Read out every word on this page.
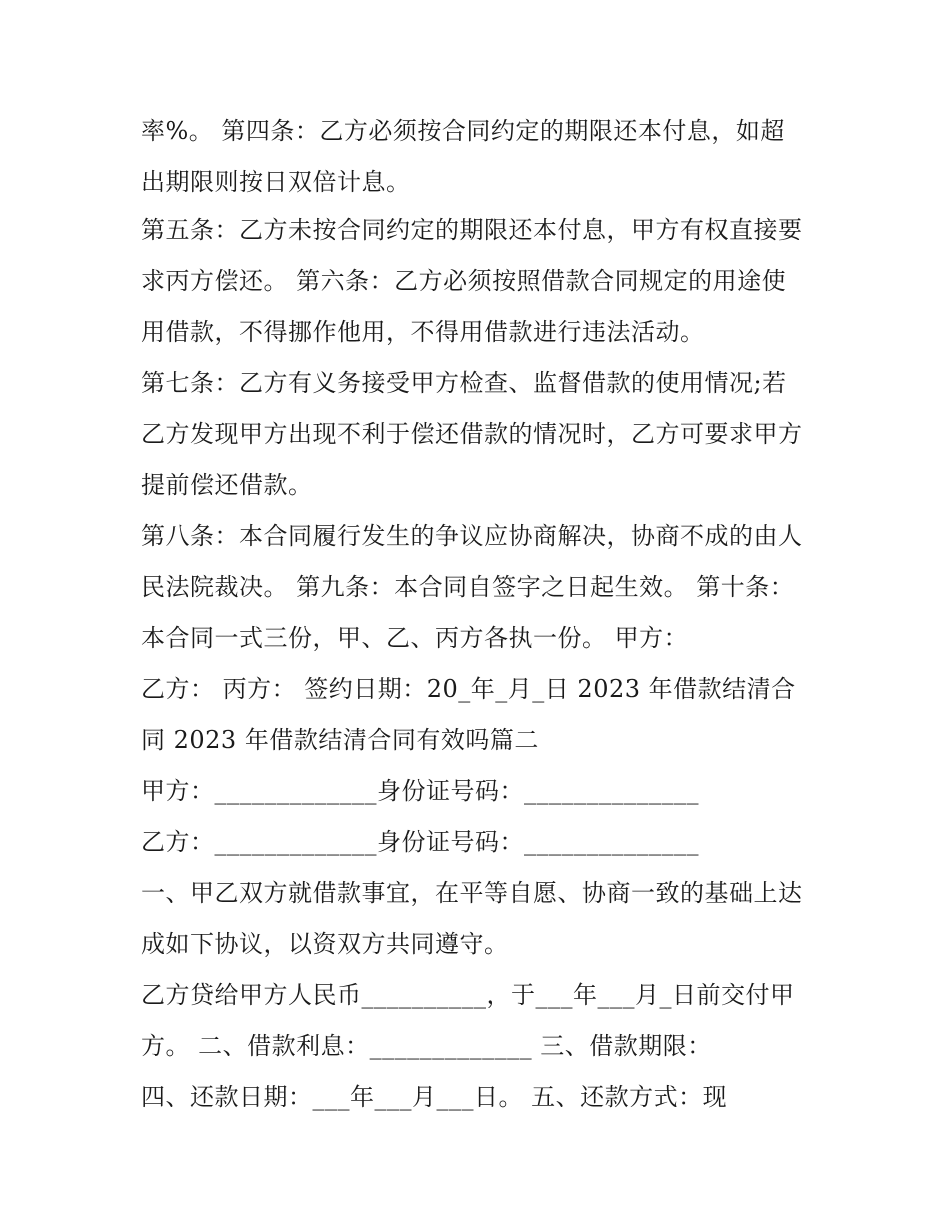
率%。 第四条：乙方必须按合同约定的期限还本付息，如超
出期限则按日双倍计息。
第五条：乙方未按合同约定的期限还本付息，甲方有权直接要
求丙方偿还。 第六条：乙方必须按照借款合同规定的用途使
用借款，不得挪作他用，不得用借款进行违法活动。
第七条：乙方有义务接受甲方检查、监督借款的使用情况;若
乙方发现甲方出现不利于偿还借款的情况时，乙方可要求甲方
提前偿还借款。
第八条：本合同履行发生的争议应协商解决，协商不成的由人
民法院裁决。 第九条：本合同自签字之日起生效。 第十条：
本合同一式三份，甲、乙、丙方各执一份。 甲方：
乙方： 丙方： 签约日期：20_年_月_日 2023 年借款结清合
同 2023 年借款结清合同有效吗篇二
甲方：_____________身份证号码：______________
乙方：_____________身份证号码：______________
一、甲乙双方就借款事宜，在平等自愿、协商一致的基础上达
成如下协议，以资双方共同遵守。
乙方贷给甲方人民币__________，于___年___月_日前交付甲
方。 二、借款利息：_____________ 三、借款期限：
四、还款日期：___年___月___日。 五、还款方式：现
